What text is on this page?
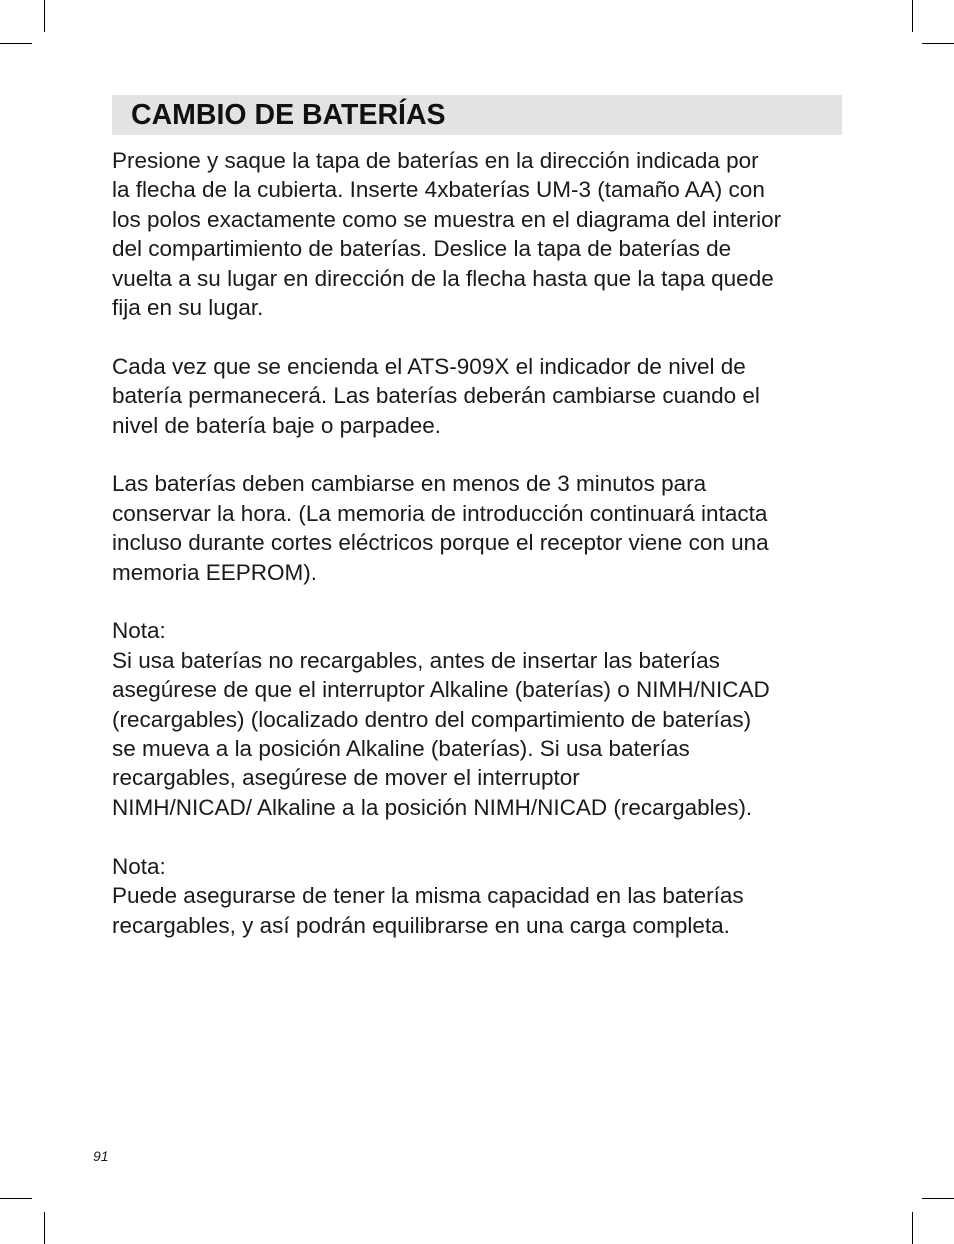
CAMBIO DE BATERÍAS

Presione y saque la tapa de baterías en la dirección indicada por
la flecha de la cubierta. Inserte 4xbaterías UM-3 (tamaño AA) con
los polos exactamente como se muestra en el diagrama del interior
del compartimiento de baterías. Deslice la tapa de baterías de
vuelta a su lugar en dirección de la flecha hasta que la tapa quede
fija en su lugar.

Cada vez que se encienda el ATS-909X el indicador de nivel de
batería permanecerá. Las baterías deberán cambiarse cuando el
nivel de batería baje o parpadee.

Las baterías deben cambiarse en menos de 3 minutos para
conservar la hora. (La memoria de introducción continuará intacta
incluso durante cortes eléctricos porque el receptor viene con una
memoria EEPROM).

Nota:
Si usa baterías no recargables, antes de insertar las baterías
asegúrese de que el interruptor Alkaline (baterías) o NIMH/NICAD
(recargables) (localizado dentro del compartimiento de baterías)
se mueva a la posición Alkaline (baterías). Si usa baterías
recargables, asegúrese de mover el interruptor
NIMH/NICAD/ Alkaline a la posición NIMH/NICAD (recargables).

Nota:
Puede asegurarse de tener la misma capacidad en las baterías
recargables, y así podrán equilibrarse en una carga completa.

91
